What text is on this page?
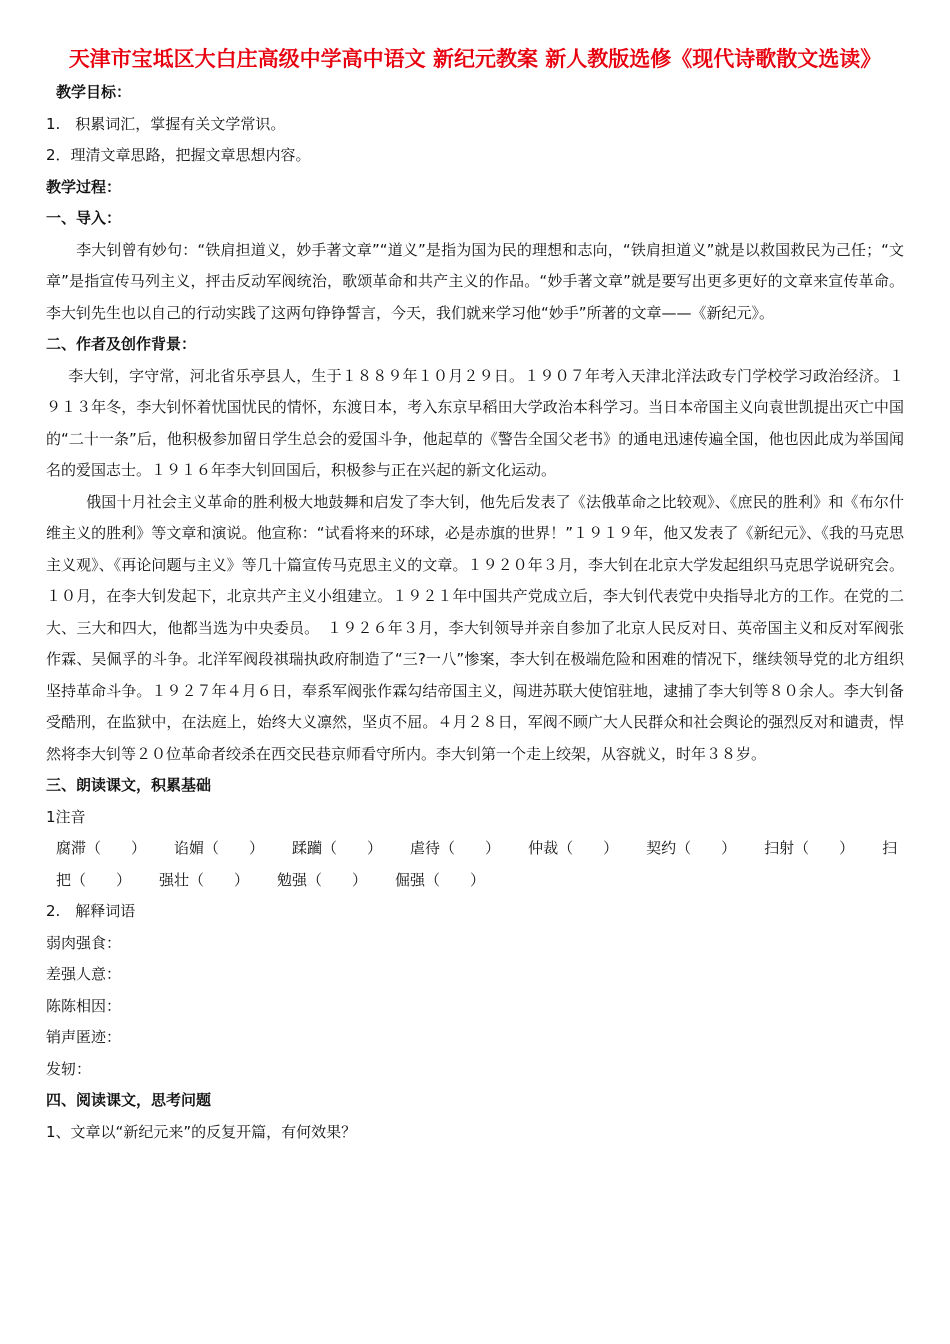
天津市宝坻区大白庄高级中学高中语文 新纪元教案 新人教版选修《现代诗歌散文选读》
教学目标：
1.　积累词汇，掌握有关文学常识。
2．理清文章思路，把握文章思想内容。
教学过程：
一、导入：
李大钊曾有妙句：“铁肩担道义，妙手著文章”“道义”是指为国为民的理想和志向，“铁肩担道义”就是以救国救民为己任；“文章”是指宣传马列主义，抨击反动军阀统治，歌颂革命和共产主义的作品。“妙手著文章”就是要写出更多更好的文章来宣传革命。李大钊先生也以自己的行动实践了这两句铮铮誓言，今天，我们就来学习他“妙手”所著的文章——《新纪元》。
二、作者及创作背景：
李大钊，字守常，河北省乐亭县人，生于１８８９年１０月２９日。１９０７年考入天津北洋法政专门学校学习政治经济。１９１３年冬，李大钊怀着忧国忧民的情怀，东渡日本，考入东京早稻田大学政治本科学习。当日本帝国主义向袁世凯提出灭亡中国的“二十一条”后，他积极参加留日学生总会的爱国斗争，他起草的《警告全国父老书》的通电迅速传遍全国，他也因此成为举国闻名的爱国志士。１９１６年李大钊回国后，积极参与正在兴起的新文化运动。
俄国十月社会主义革命的胜利极大地鼓舞和启发了李大钊，他先后发表了《法俄革命之比较观》、《庶民的胜利》和《布尔什维主义的胜利》等文章和演说。他宣称：“试看将来的环球，必是赤旗的世界！”１９１９年，他又发表了《新纪元》、《我的马克思主义观》、《再论问题与主义》等几十篇宣传马克思主义的文章。１９２０年３月，李大钊在北京大学发起组织马克思学说研究会。１０月，在李大钊发起下，北京共产主义小组建立。１９２１年中国共产党成立后，李大钊代表党中央指导北方的工作。在党的二大、三大和四大，他都当选为中央委员。　１９２６年３月，李大钊领导并亲自参加了北京人民反对日、英帝国主义和反对军阀张作霖、吴佩孚的斗争。北洋军阀段祺瑞执政府制造了“三?一八”惨案，李大钊在极端危险和困难的情况下，继续领导党的北方组织坚持革命斗争。１９２７年４月６日，奉系军阀张作霖勾结帝国主义，闯进苏联大使馆驻地，逮捕了李大钊等８０余人。李大钊备受酷刑，在监狱中，在法庭上，始终大义凛然，坚贞不屈。４月２８日，军阀不顾广大人民群众和社会舆论的强烈反对和谴责，悍然将李大钊等２０位革命者绞杀在西交民巷京师看守所内。李大钊第一个走上绞架，从容就义，时年３８岁。
三、朗读课文，积累基础
1注音
腐滞（　　） 谄媚（　　） 蹂躏（　　） 虐待（　　） 仲裁（　　） 契约（　　） 扫射（　　） 扫
把（　　） 强壮（　　） 勉强（　　） 倔强（　　）
2.　解释词语
弱肉强食：
差强人意：
陈陈相因：
销声匿迹：
发轫：
四、阅读课文，思考问题
1、文章以“新纪元来”的反复开篇，有何效果？
